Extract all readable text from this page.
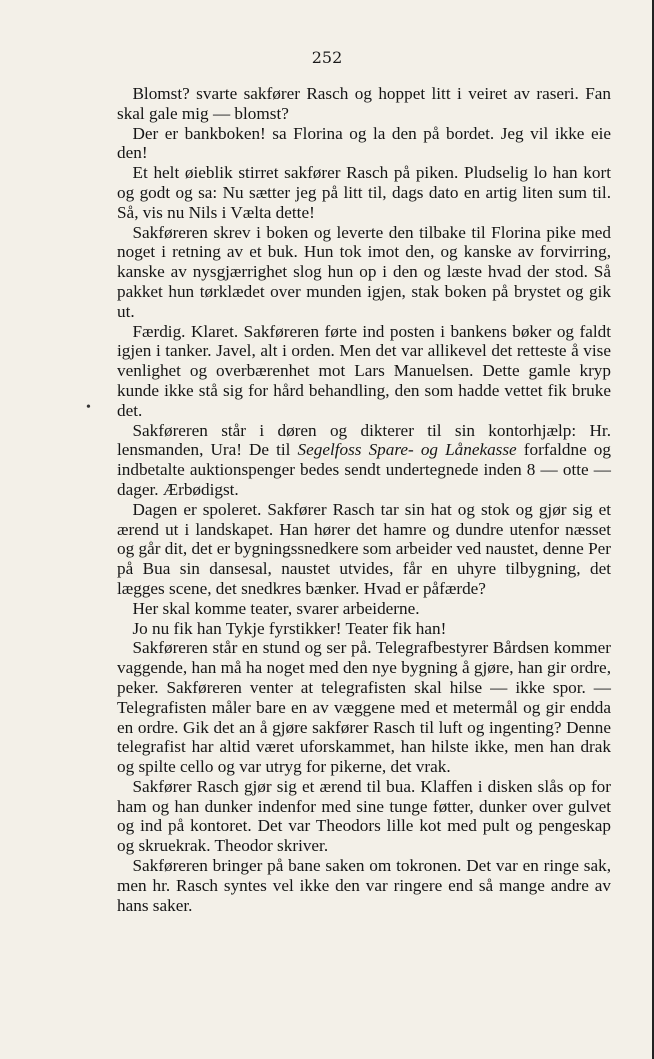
252
•

Blomst? svarte sakfører Rasch og hoppet litt i veiret av raseri. Fan skal gale mig — blomst?

Der er bankboken! sa Florina og la den på bordet. Jeg vil ikke eie den!

Et helt øieblik stirret sakfører Rasch på piken. Pludselig lo han kort og godt og sa: Nu sætter jeg på litt til, dags dato en artig liten sum til. Så, vis nu Nils i Vælta dette!

Sakføreren skrev i boken og leverte den tilbake til Florina pike med noget i retning av et buk. Hun tok imot den, og kanske av forvirring, kanske av nysgjærrighet slog hun op i den og læste hvad der stod. Så pakket hun tørklædet over munden igjen, stak boken på brystet og gik ut.

Færdig. Klaret. Sakføreren førte ind posten i bankens bøker og faldt igjen i tanker. Javel, alt i orden. Men det var allikevel det retteste å vise venlighet og overbærenhet mot Lars Manuelsen. Dette gamle kryp kunde ikke stå sig for hård behandling, den som hadde vettet fik bruke det.

Sakføreren står i døren og dikterer til sin kontorhjælp: Hr. lensmanden, Ura! De til Segelfoss Spare- og Lånekasse forfaldne og indbetalte auktionspenger bedes sendt undertegnede inden 8 — otte — dager. Ærbødigst.

Dagen er spoleret. Sakfører Rasch tar sin hat og stok og gjør sig et ærend ut i landskapet. Han hører det hamre og dundre utenfor næsset og går dit, det er bygningssnedkere som arbeider ved naustet, denne Per på Bua sin dansesal, naustet utvides, får en uhyre tilbygning, det lægges scene, det snedkres bænker. Hvad er påfærde?

Her skal komme teater, svarer arbeiderne.

Jo nu fik han Tykje fyrstikker! Teater fik han!

Sakføreren står en stund og ser på. Telegrafbestyrer Bårdsen kommer vaggende, han må ha noget med den nye bygning å gjøre, han gir ordre, peker. Sakføreren venter at telegrafisten skal hilse — ikke spor. — Telegrafisten måler bare en av væggene med et metermål og gir endda en ordre. Gik det an å gjøre sakfører Rasch til luft og ingenting? Denne telegrafist har altid været uforskammet, han hilste ikke, men han drak og spilte cello og var utryg for pikerne, det vrak.

Sakfører Rasch gjør sig et ærend til bua. Klaffen i disken slås op for ham og han dunker indenfor med sine tunge føtter, dunker over gulvet og ind på kontoret. Det var Theodors lille kot med pult og pengeskap og skruekrak. Theodor skriver.

Sakføreren bringer på bane saken om tokronen. Det var en ringe sak, men hr. Rasch syntes vel ikke den var ringere end så mange andre av hans saker.
